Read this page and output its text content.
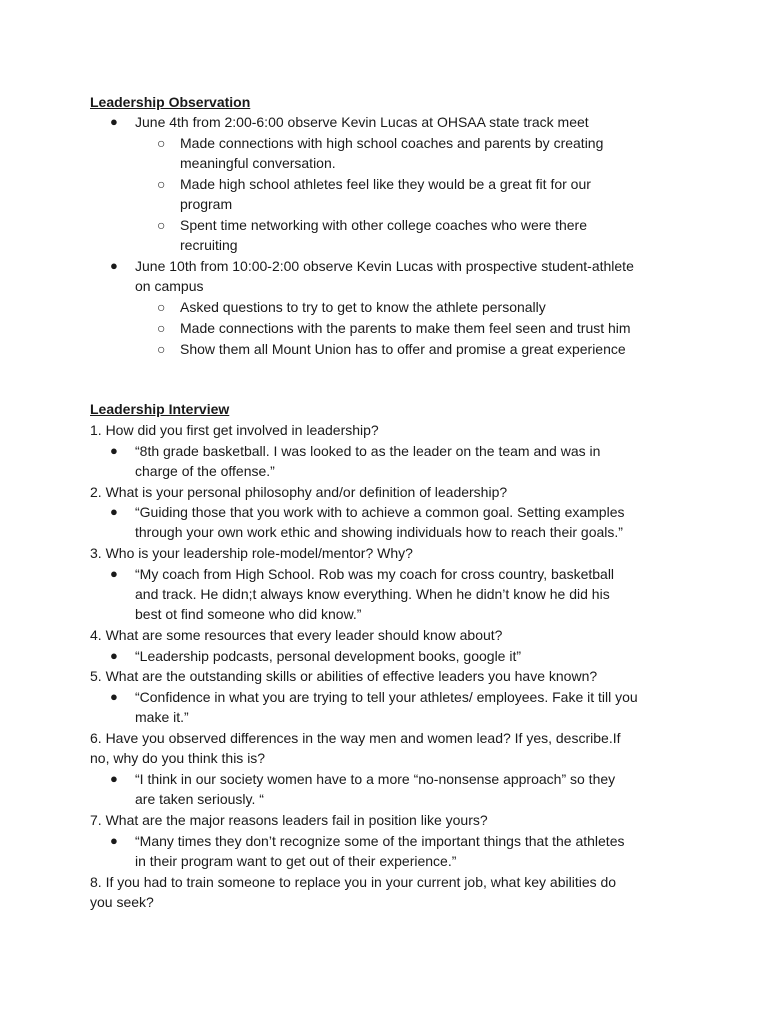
Leadership Observation
● June 4th from 2:00-6:00 observe Kevin Lucas at OHSAA state track meet
○ Made connections with high school coaches and parents by creating
meaningful conversation.
○ Made high school athletes feel like they would be a great fit for our
program
○ Spent time networking with other college coaches who were there
recruiting
● June 10th from 10:00-2:00 observe Kevin Lucas with prospective student-athlete
on campus
○ Asked questions to try to get to know the athlete personally
○ Made connections with the parents to make them feel seen and trust him
○ Show them all Mount Union has to offer and promise a great experience
Leadership Interview
1. How did you first get involved in leadership?
● “8th grade basketball. I was looked to as the leader on the team and was in
charge of the offense.”
2. What is your personal philosophy and/or definition of leadership?
● “Guiding those that you work with to achieve a common goal. Setting examples
through your own work ethic and showing individuals how to reach their goals.”
3. Who is your leadership role-model/mentor? Why?
● “My coach from High School. Rob was my coach for cross country, basketball
and track. He didn;t always know everything. When he didn’t know he did his
best ot find someone who did know.”
4. What are some resources that every leader should know about?
● “Leadership podcasts, personal development books, google it”
5. What are the outstanding skills or abilities of effective leaders you have known?
● “Confidence in what you are trying to tell your athletes/ employees. Fake it till you
make it.”
6. Have you observed differences in the way men and women lead? If yes, describe.If
no, why do you think this is?
● “I think in our society women have to a more “no-nonsense approach” so they
are taken seriously. “
7. What are the major reasons leaders fail in position like yours?
● “Many times they don’t recognize some of the important things that the athletes
in their program want to get out of their experience.”
8. If you had to train someone to replace you in your current job, what key abilities do
you seek?
